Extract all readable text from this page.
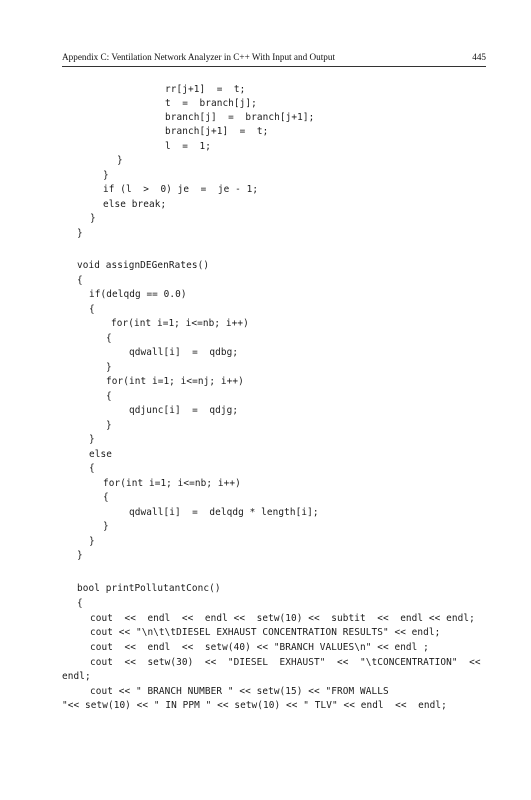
Appendix C: Ventilation Network Analyzer in C++ With Input and Output	445
rr[j+1]  =  t;
t  =  branch[j];
branch[j]  =  branch[j+1];
branch[j+1]  =  t;
l  =  1;
}
}
if (l  >  0) je  =  je - 1;
else break;
}
}
void assignDEGenRates()
{
if(delqdg == 0.0)
{
for(int i=1; i<=nb; i++)
{
qdwall[i]  =  qdbg;
}
for(int i=1; i<=nj; i++)
{
qdjunc[i]  =  qdjg;
}
}
else
{
for(int i=1; i<=nb; i++)
{
qdwall[i]  =  delqdg * length[i];
}
}
}
bool printPollutantConc()
{
cout  <<  endl  <<  endl <<  setw(10) <<  subtit  <<  endl << endl;
cout << "\n\t\tDIESEL EXHAUST CONCENTRATION RESULTS" << endl;
cout  <<  endl  <<  setw(40) << "BRANCH VALUES\n" << endl ;
cout  <<  setw(30)  <<  "DIESEL  EXHAUST"  <<  "\tCONCENTRATION"  <<
endl;
cout << " BRANCH NUMBER " << setw(15) << "FROM WALLS
"<< setw(10) << " IN PPM " << setw(10) << " TLV" << endl  <<  endl;
